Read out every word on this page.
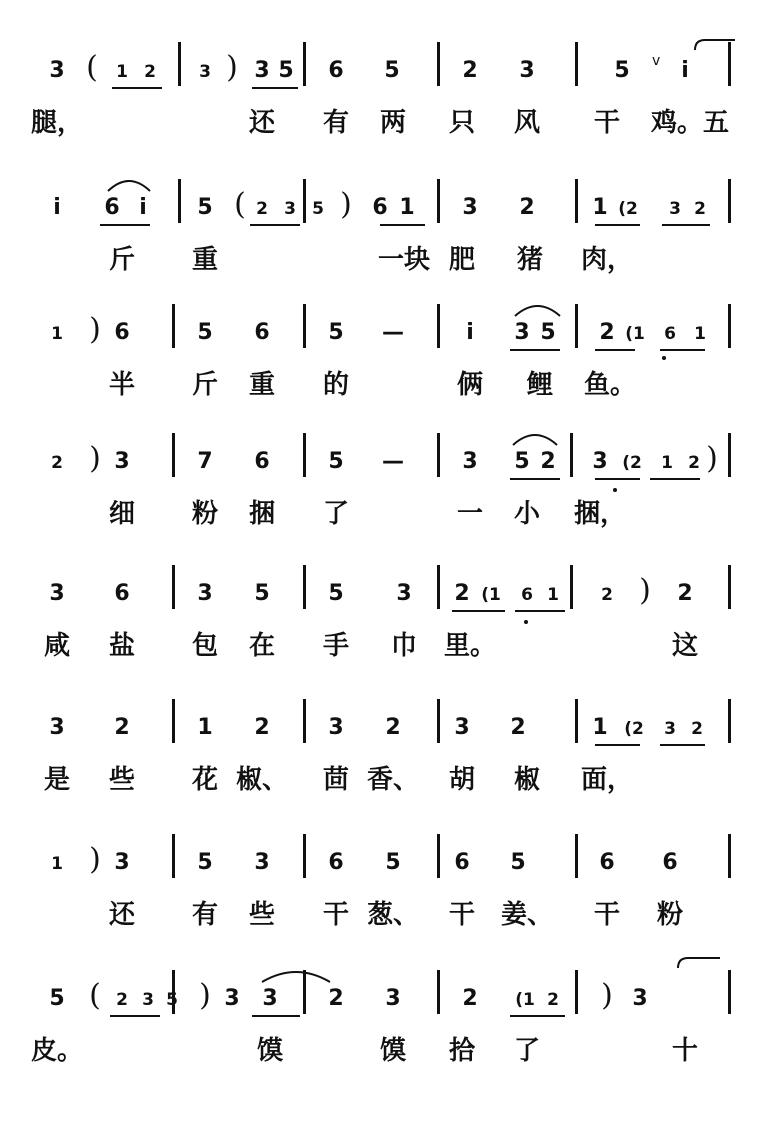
3 ( 1 2	3 ) 3 5 6 5	2 3	5 v i
腿，	还 有 两 只 风 干 鸡。五
i 6 i 5 ( 2 3 5 ) 6 1 3 2	1 (2 3 2
斤 重	一块 肥 猪 肉，
1 ) 6	5 6	5 —	i 3 5 2 (1 6 1
半 斤 重 的	俩 鲤 鱼。
2 ) 3	7 6	5 —	3 5 2 3 (2 1 2 )
细 粉 捆 了	一 小 捆，
3 6	3 5	5 3 2 (1 6 1 2 ) 2
咸 盐 包 在 手 巾 里。	这
3 2	1 2	3 2 3 2	1 (2 3 2
是 些 花 椒、 茴 香、 胡 椒 面，
1 ) 3	5 3	6 5 6 5	6 6
还 有 些 干 葱、 干 姜、 干 粉
5 ( 2 3 5 ) 3 3 2 3	2 (1 2 ) 3
皮。	馍	馍 拾 了	十
